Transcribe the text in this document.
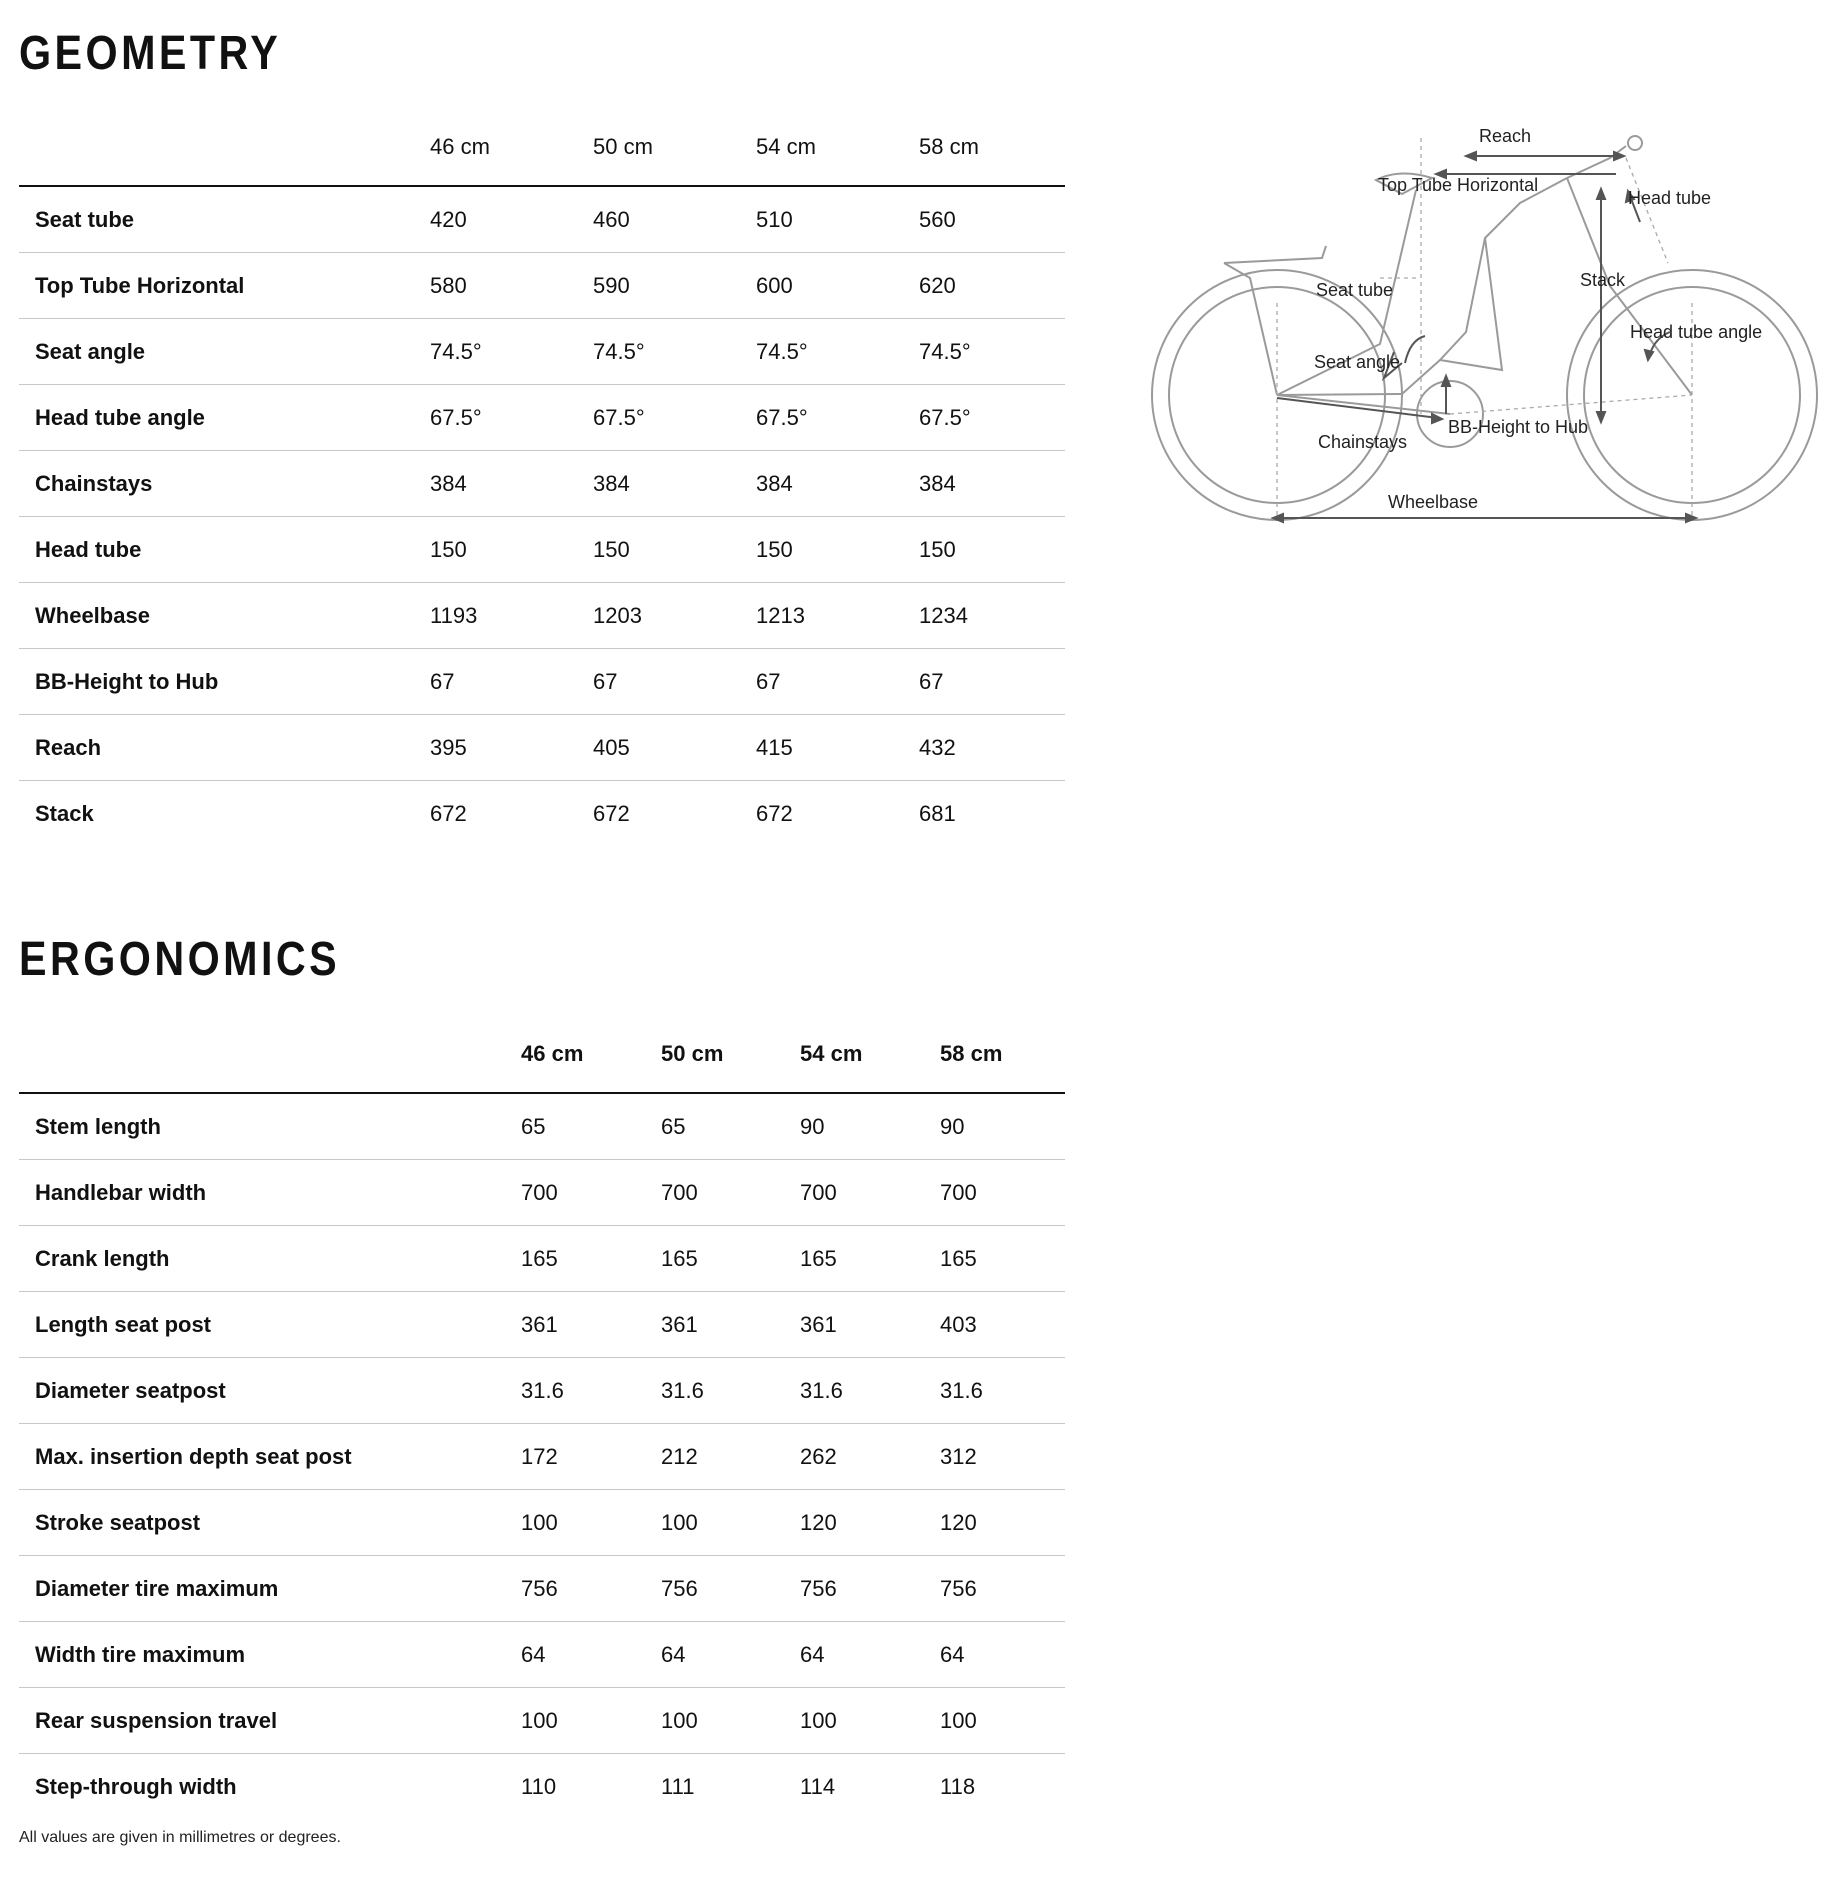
GEOMETRY
46 cm	50 cm	54 cm	58 cm
Seat tube	420	460	510	560
Top Tube Horizontal	580	590	600	620
Seat angle	74.5°	74.5°	74.5°	74.5°
Head tube angle	67.5°	67.5°	67.5°	67.5°
Chainstays	384	384	384	384
Head tube	150	150	150	150
Wheelbase	1193	1203	1213	1234
BB-Height to Hub	67	67	67	67
Reach	395	405	415	432
Stack	672	672	672	681
Reach
Top Tube Horizontal
Head tube
Stack
Seat tube
Head tube angle
Seat angle
BB-Height to Hub
Chainstays
Wheelbase
ERGONOMICS
46 cm	50 cm	54 cm	58 cm
Stem length	65	65	90	90
Handlebar width	700	700	700	700
Crank length	165	165	165	165
Length seat post	361	361	361	403
Diameter seatpost	31.6	31.6	31.6	31.6
Max. insertion depth seat post	172	212	262	312
Stroke seatpost	100	100	120	120
Diameter tire maximum	756	756	756	756
Width tire maximum	64	64	64	64
Rear suspension travel	100	100	100	100
Step-through width	110	111	114	118
All values are given in millimetres or degrees.
